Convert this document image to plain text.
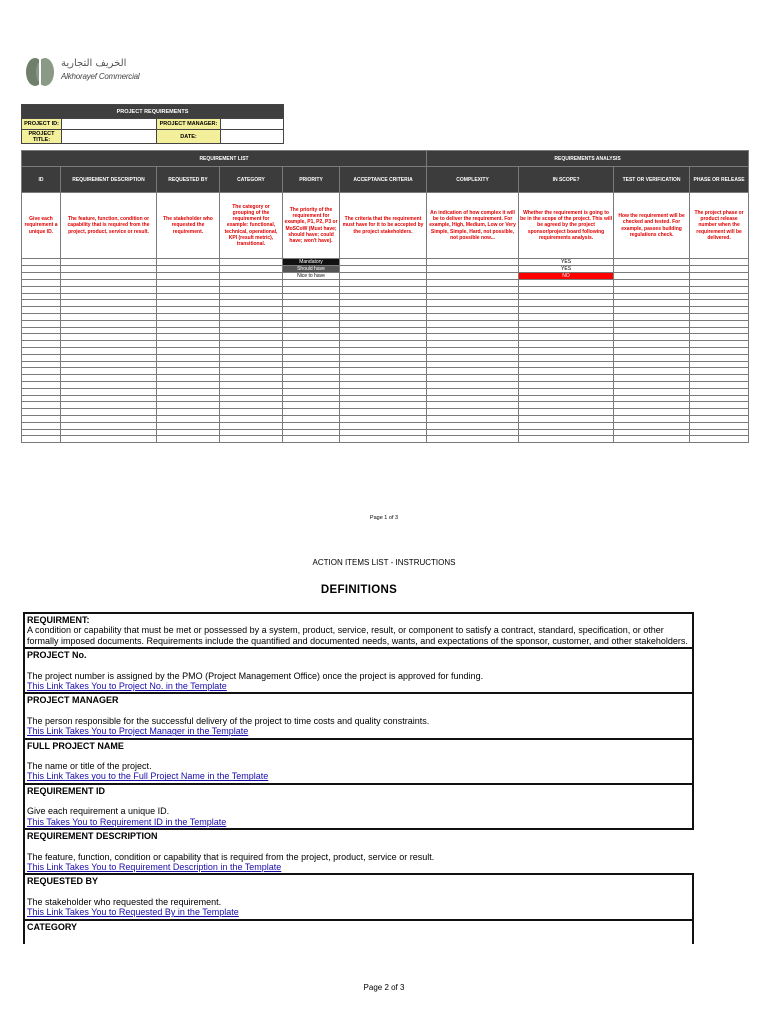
الخريف التجارية
Alkhorayef Commercial
PROJECT REQUIREMENTS			
PROJECT ID:		PROJECT MANAGER:	
PROJECT TITLE:		DATE:	
REQUIREMENT LIST						REQUIREMENTS ANALYSIS			
ID	REQUIREMENT DESCRIPTION	REQUESTED BY	CATEGORY	PRIORITY	ACCEPTANCE CRITERIA	COMPLEXITY	IN SCOPE?	TEST OR VERIFICATION	PHASE OR RELEASE
Give each requirement a unique ID.	The feature, function, condition or capability that is required from the project, product, service or result.	The stakeholder who requested the requirement.	The category or grouping of the requirement for example: functional, technical, operational, KPI (result metric), transitional.	The priority of the requirement for example, P1, P2, P3 or MoSCoW (Must have; should have; could have; won't have).	The criteria that the requirement must have for it to be accepted by the project stakeholders.	An indication of how complex it will be to deliver the requirement. For example, High, Medium, Low or Very Simple, Simple, Hard, not possible, not possible now...	Whether the requirement is going to be in the scope of the project. This will be agreed by the project sponsor/project board following requirements analysis.	How the requirement will be checked and tested. For example, passes building regulations check.	The project phase or product release number when the requirement will be delivered.
				Mandatory			YES		
				Should have			YES		
				Nice to have			NO		

Page 1 of 3
ACTION ITEMS LIST - INSTRUCTIONS
DEFINITIONS
REQUIRMENT:
A condition or capability that must be met or possessed by a system, product, service, result, or component to satisfy a contract, standard, specification, or other formally imposed documents. Requirements include the quantified and documented needs, wants, and expectations of the sponsor, customer, and other stakeholders.
PROJECT No.
The project number is assigned by the PMO (Project Management Office) once the project is approved for funding.
This Link Takes You to Project No. in the Template
PROJECT MANAGER
The person responsible for the successful delivery of the project to time costs and quality constraints.
This Link Takes You to Project Manager in the Template
FULL PROJECT NAME
The name or title of the project.
This Link Takes you to the Full Project Name in the Template
REQUIREMENT ID
Give each requirement a unique ID.
This Takes You to Requirement ID in the Template
REQUIREMENT DESCRIPTION
The feature, function, condition or capability that is required from the project, product, service or result.
This Link Takes You to Requirement Description in the Template
REQUESTED BY
The stakeholder who requested the requirement.
This Link Takes You to Requested By in the Template
CATEGORY
Page 2 of 3
